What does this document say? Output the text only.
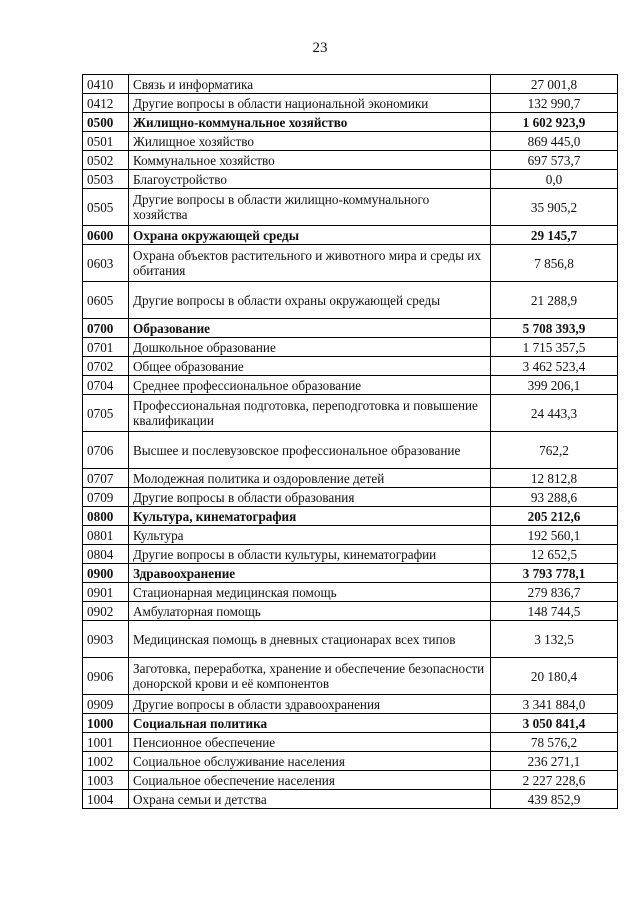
23
0410	Связь и информатика	27 001,8
0412	Другие вопросы в области национальной экономики	132 990,7
0500	Жилищно-коммунальное хозяйство	1 602 923,9
0501	Жилищное хозяйство	869 445,0
0502	Коммунальное хозяйство	697 573,7
0503	Благоустройство	0,0
0505	Другие вопросы в области жилищно-коммунального хозяйства	35 905,2
0600	Охрана окружающей среды	29 145,7
0603	Охрана объектов растительного и животного мира и среды их обитания	7 856,8
0605	Другие вопросы в области охраны окружающей среды	21 288,9
0700	Образование	5 708 393,9
0701	Дошкольное образование	1 715 357,5
0702	Общее образование	3 462 523,4
0704	Среднее профессиональное образование	399 206,1
0705	Профессиональная подготовка, переподготовка и повышение квалификации	24 443,3
0706	Высшее и послевузовское профессиональное образование	762,2
0707	Молодежная политика и оздоровление детей	12 812,8
0709	Другие вопросы в области образования	93 288,6
0800	Культура, кинематография	205 212,6
0801	Культура	192 560,1
0804	Другие вопросы в области культуры, кинематографии	12 652,5
0900	Здравоохранение	3 793 778,1
0901	Стационарная медицинская помощь	279 836,7
0902	Амбулаторная помощь	148 744,5
0903	Медицинская помощь в дневных стационарах всех типов	3 132,5
0906	Заготовка, переработка, хранение и обеспечение безопасности донорской крови и её компонентов	20 180,4
0909	Другие вопросы в области здравоохранения	3 341 884,0
1000	Социальная политика	3 050 841,4
1001	Пенсионное обеспечение	78 576,2
1002	Социальное обслуживание населения	236 271,1
1003	Социальное обеспечение населения	2 227 228,6
1004	Охрана семьи и детства	439 852,9
